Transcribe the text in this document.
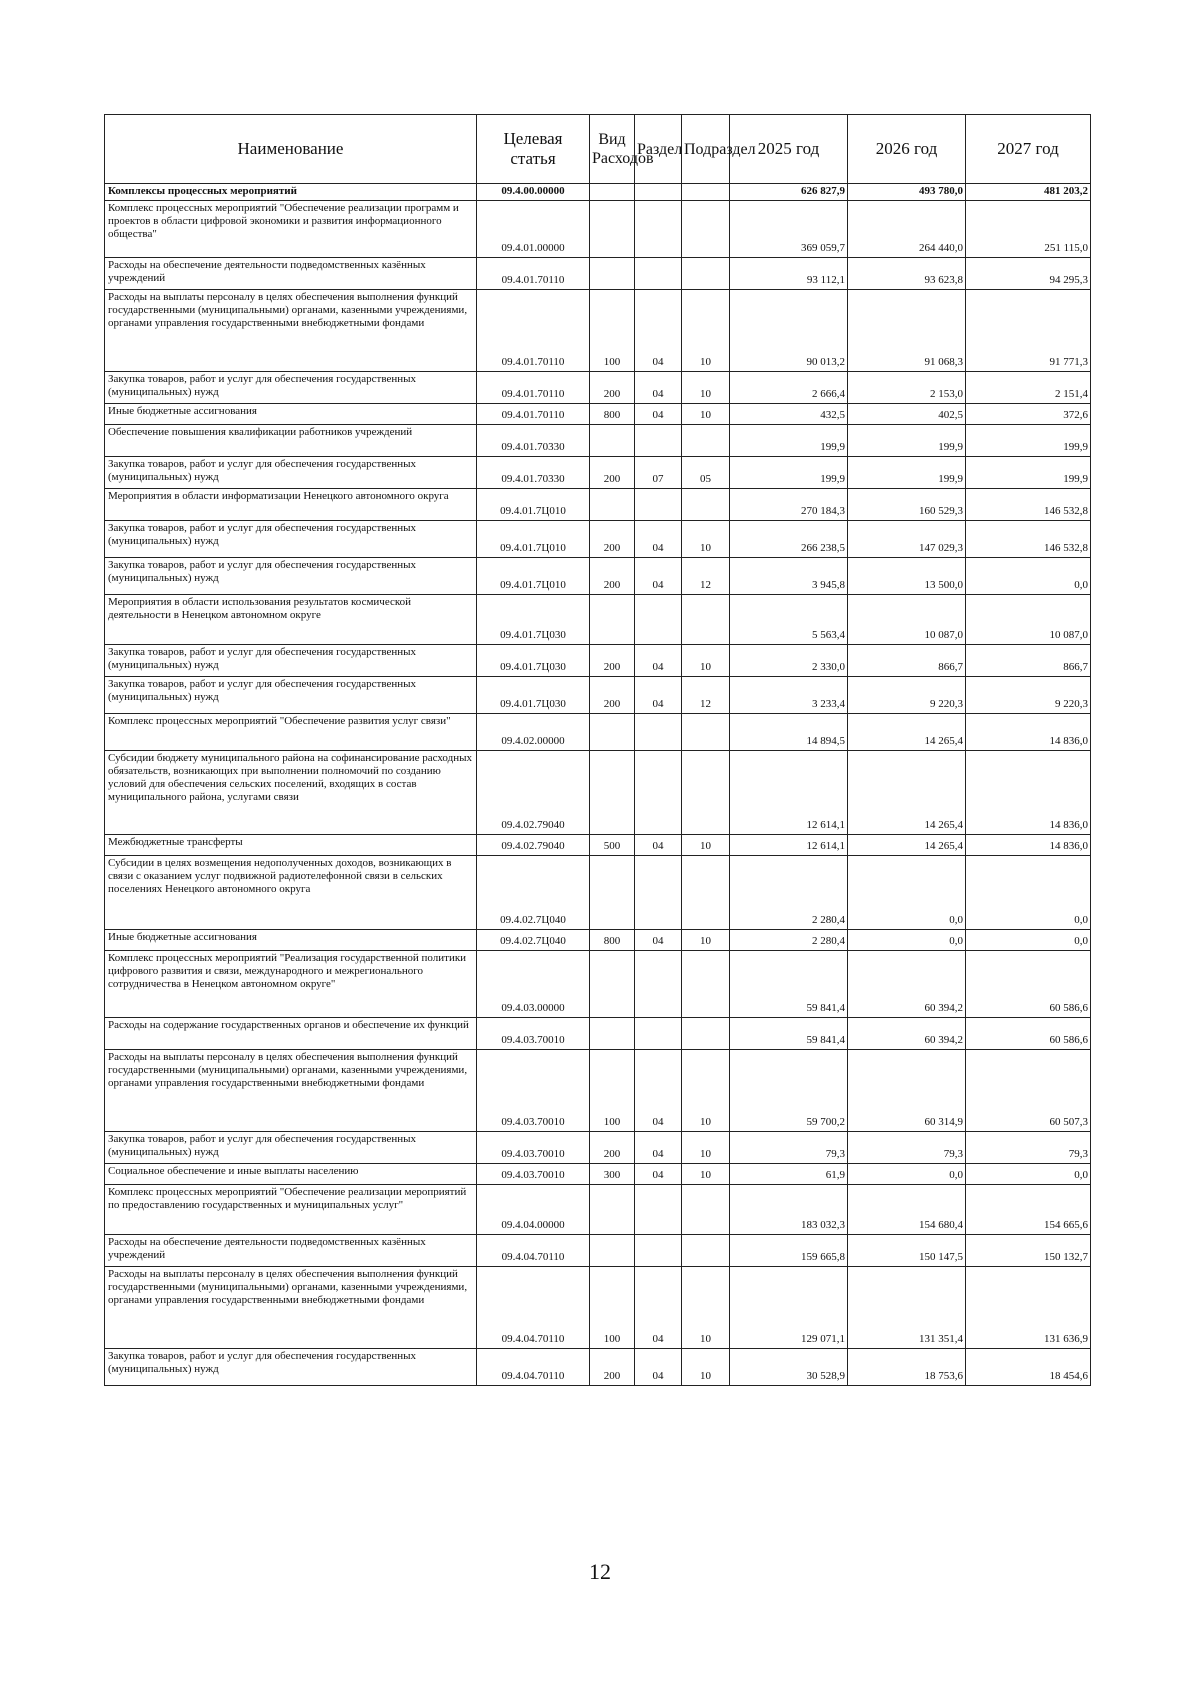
Наименование	Целевая статья	Вид Расходов	Раздел	Подраздел	2025 год	2026 год	2027 год
Комплексы процессных мероприятий	09.4.00.00000				626 827,9	493 780,0	481 203,2
Комплекс процессных мероприятий "Обеспечение реализации программ и проектов в области цифровой экономики и развития информационного общества"	09.4.01.00000				369 059,7	264 440,0	251 115,0
Расходы на обеспечение деятельности подведомственных казённых учреждений	09.4.01.70110				93 112,1	93 623,8	94 295,3
Расходы на выплаты персоналу в целях обеспечения выполнения функций государственными (муниципальными) органами, казенными учреждениями, органами управления государственными внебюджетными фондами	09.4.01.70110	100	04	10	90 013,2	91 068,3	91 771,3
Закупка товаров, работ и услуг для обеспечения государственных (муниципальных) нужд	09.4.01.70110	200	04	10	2 666,4	2 153,0	2 151,4
Иные бюджетные ассигнования	09.4.01.70110	800	04	10	432,5	402,5	372,6
Обеспечение повышения квалификации работников учреждений	09.4.01.70330				199,9	199,9	199,9
Закупка товаров, работ и услуг для обеспечения государственных (муниципальных) нужд	09.4.01.70330	200	07	05	199,9	199,9	199,9
Мероприятия в области информатизации Ненецкого автономного округа	09.4.01.7Ц010				270 184,3	160 529,3	146 532,8
Закупка товаров, работ и услуг для обеспечения государственных (муниципальных) нужд	09.4.01.7Ц010	200	04	10	266 238,5	147 029,3	146 532,8
Закупка товаров, работ и услуг для обеспечения государственных (муниципальных) нужд	09.4.01.7Ц010	200	04	12	3 945,8	13 500,0	0,0
Мероприятия в области использования результатов космической деятельности в Ненецком автономном округе	09.4.01.7Ц030				5 563,4	10 087,0	10 087,0
Закупка товаров, работ и услуг для обеспечения государственных (муниципальных) нужд	09.4.01.7Ц030	200	04	10	2 330,0	866,7	866,7
Закупка товаров, работ и услуг для обеспечения государственных (муниципальных) нужд	09.4.01.7Ц030	200	04	12	3 233,4	9 220,3	9 220,3
Комплекс процессных мероприятий "Обеспечение развития услуг связи"	09.4.02.00000				14 894,5	14 265,4	14 836,0
Субсидии бюджету муниципального района на софинансирование расходных обязательств, возникающих при выполнении полномочий по созданию условий для обеспечения сельских поселений, входящих в состав муниципального района, услугами связи	09.4.02.79040				12 614,1	14 265,4	14 836,0
Межбюджетные трансферты	09.4.02.79040	500	04	10	12 614,1	14 265,4	14 836,0
Субсидии в целях возмещения недополученных доходов, возникающих в связи с оказанием услуг подвижной радиотелефонной связи в сельских поселениях Ненецкого автономного округа	09.4.02.7Ц040				2 280,4	0,0	0,0
Иные бюджетные ассигнования	09.4.02.7Ц040	800	04	10	2 280,4	0,0	0,0
Комплекс процессных мероприятий "Реализация государственной политики цифрового развития и связи, международного и межрегионального сотрудничества в Ненецком автономном округе"	09.4.03.00000				59 841,4	60 394,2	60 586,6
Расходы на содержание государственных органов и обеспечение их функций	09.4.03.70010				59 841,4	60 394,2	60 586,6
Расходы на выплаты персоналу в целях обеспечения выполнения функций государственными (муниципальными) органами, казенными учреждениями, органами управления государственными внебюджетными фондами	09.4.03.70010	100	04	10	59 700,2	60 314,9	60 507,3
Закупка товаров, работ и услуг для обеспечения государственных (муниципальных) нужд	09.4.03.70010	200	04	10	79,3	79,3	79,3
Социальное обеспечение и иные выплаты населению	09.4.03.70010	300	04	10	61,9	0,0	0,0
Комплекс процессных мероприятий "Обеспечение реализации мероприятий по предоставлению государственных и муниципальных услуг"	09.4.04.00000				183 032,3	154 680,4	154 665,6
Расходы на обеспечение деятельности подведомственных казённых учреждений	09.4.04.70110				159 665,8	150 147,5	150 132,7
Расходы на выплаты персоналу в целях обеспечения выполнения функций государственными (муниципальными) органами, казенными учреждениями, органами управления государственными внебюджетными фондами	09.4.04.70110	100	04	10	129 071,1	131 351,4	131 636,9
Закупка товаров, работ и услуг для обеспечения государственных (муниципальных) нужд	09.4.04.70110	200	04	10	30 528,9	18 753,6	18 454,6
12
